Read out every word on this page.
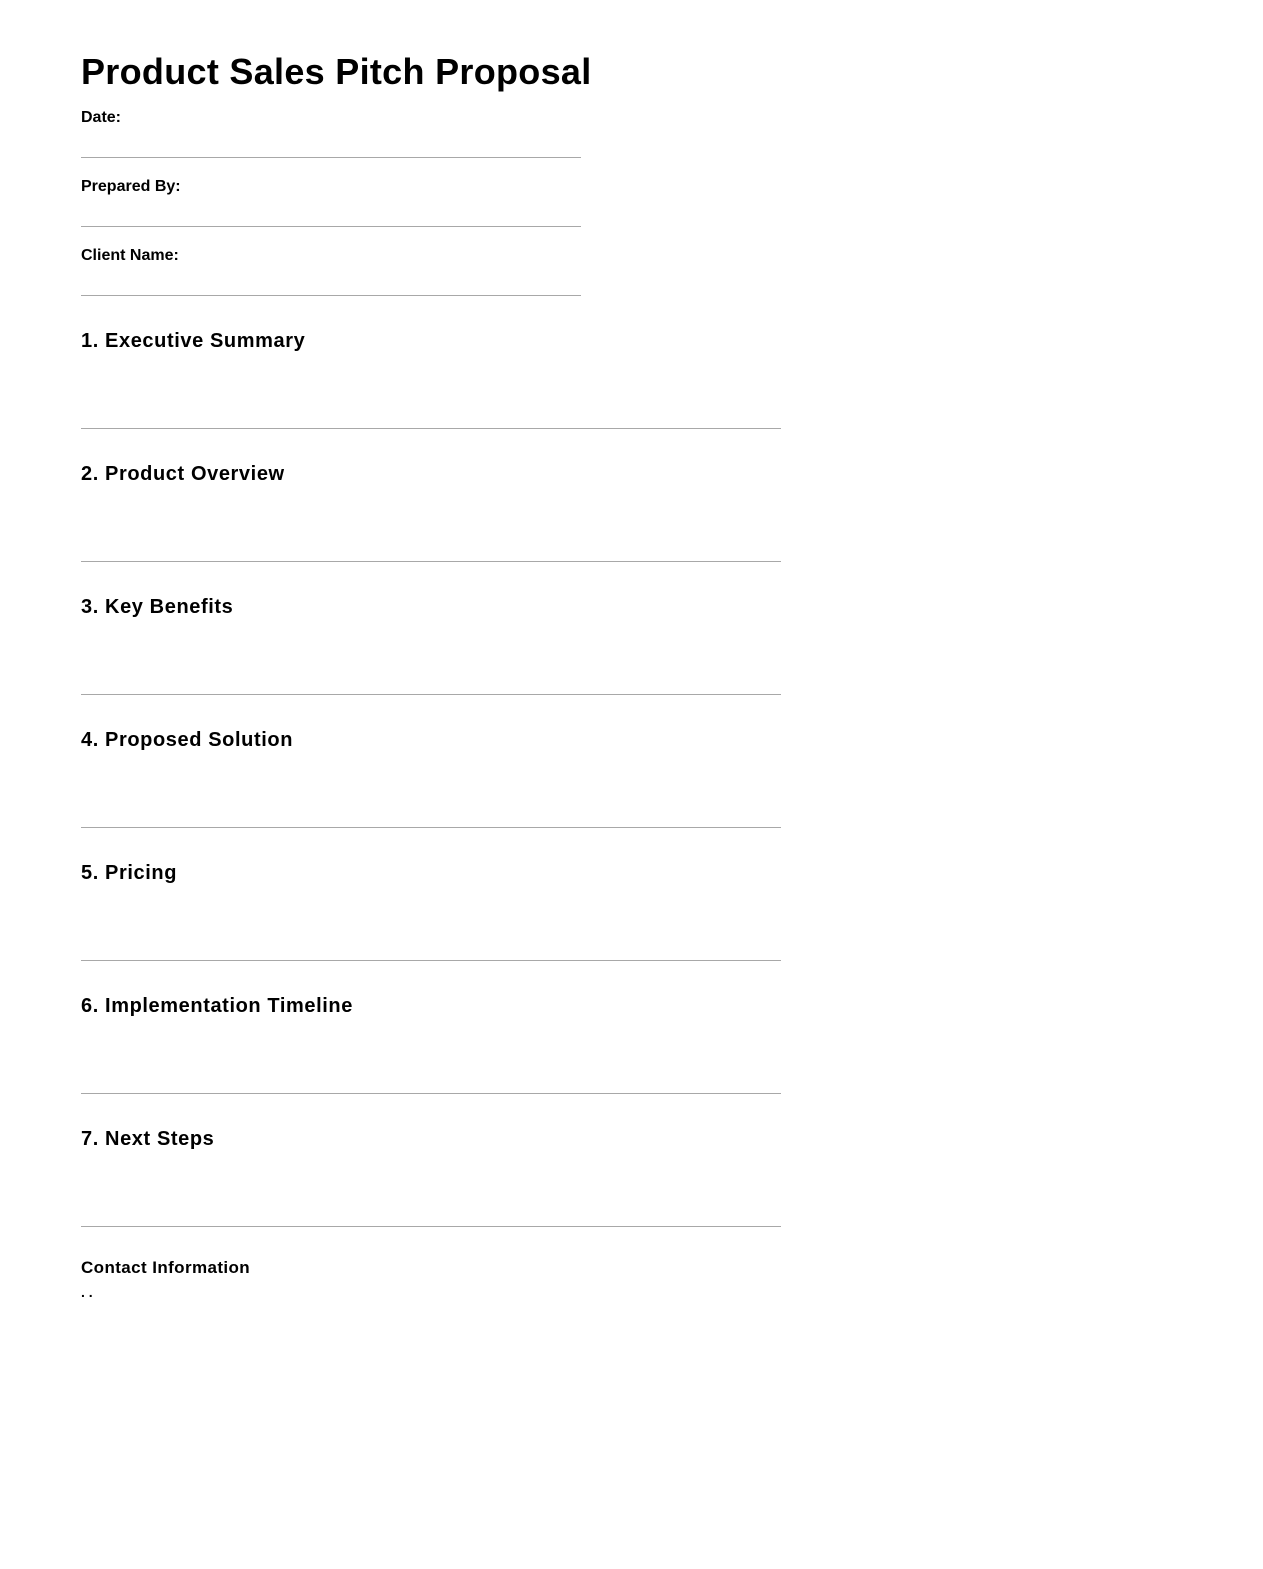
Product Sales Pitch Proposal
Date:
Prepared By:
Client Name:
1. Executive Summary
2. Product Overview
3. Key Benefits
4. Proposed Solution
5. Pricing
6. Implementation Timeline
7. Next Steps
Contact Information
. .
